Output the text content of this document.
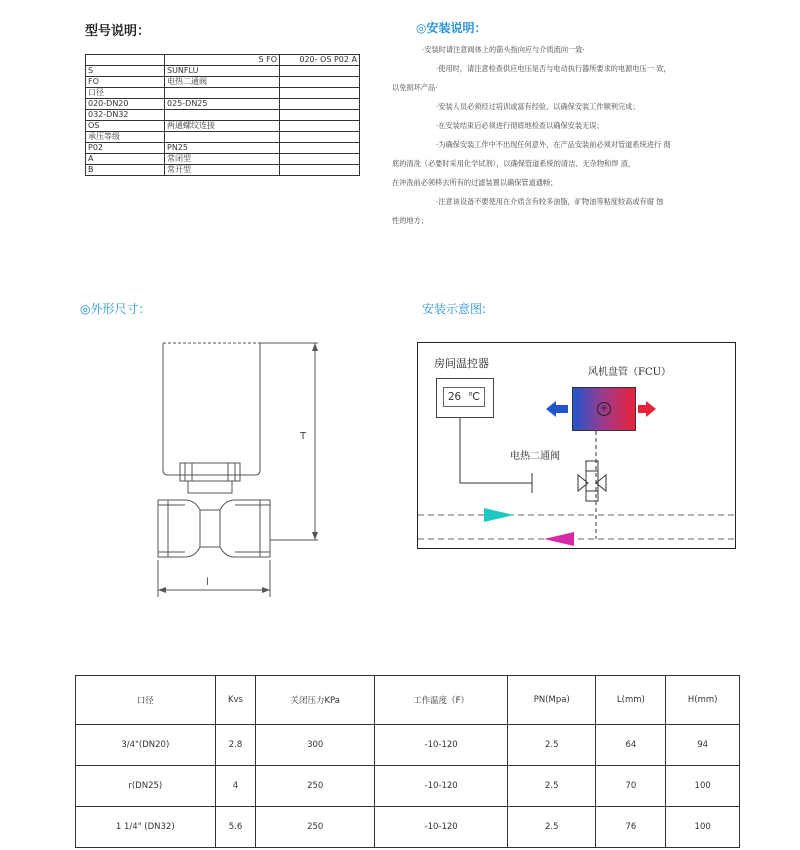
型号说明：
	S FO	020- OS P02 A
S	SUNFLU	
FO	电热二通阀	
口径		
020-DN20	025-DN25	
032-DN32		
OS	两通螺纹连接	
承压等级		
P02	PN25	
A	常闭型	
B	常开型	
◎安装说明：

·安装时请注意阀体上的箭头指向应与介质流向一致·

·使用时，请注意检查供应电压是否与电动执行器所要求的电源电压一 致，

以免损坏产品·

·安装人员必须经过培训或富有经验，以确保安装工作顺利完成；

·在安装结束后必须进行彻底地检查以确保安装无误；

·为确保安装工作中不出现任何意外，在产品安装前必须对管道系统进行 彻

底的清洗（必要时采用化学试剂），以确保管道系统的清洁、无杂物和焊 渣，

在冲洗前必须移去所有的过滤装置以确保管道通畅；

·注意该设备不要使用在介质含有较多油脂，矿物油等粘度较高或有腐 蚀

性的地方；

◎外形尺寸：
T
l
安装示意图:
房间温控器
26 ℃
风机盘管（FCU）
+
电热二通阀
口径	Kvs	关闭压力KPa	工作温度（F）	PN(Mpa)	L(mm)	H(mm)
3/4"(DN20)	2.8	300	-10-120	2.5	64	94
r(DN25)	4	250	-10-120	2.5	70	100
1 1/4" (DN32)	5.6	250	-10-120	2.5	76	100
